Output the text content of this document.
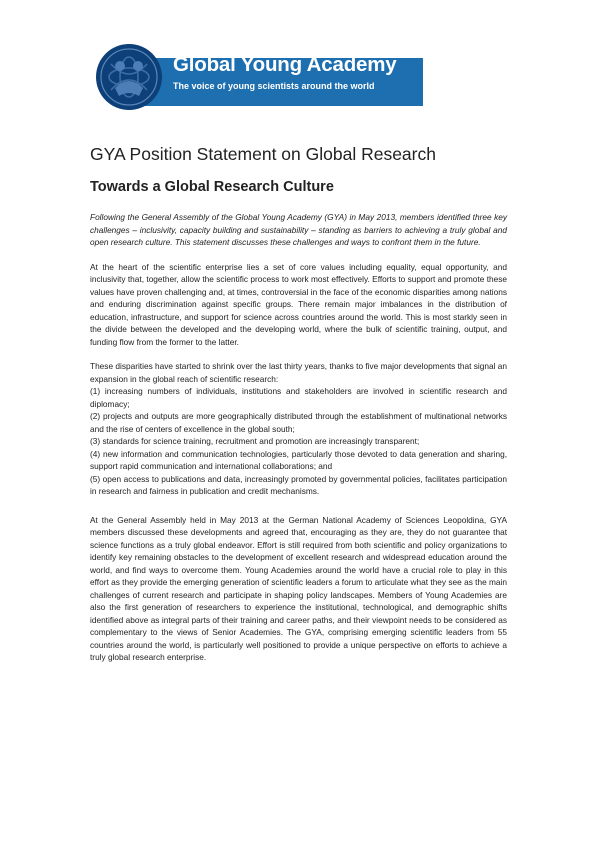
Global Young Academy
The voice of young scientists around the world
GYA Position Statement on Global Research
Towards a Global Research Culture

Following the General Assembly of the Global Young Academy (GYA) in May 2013, members identified three key challenges – inclusivity, capacity building and sustainability – standing as barriers to achieving a truly global and open research culture. This statement discusses these challenges and ways to confront them in the future.

At the heart of the scientific enterprise lies a set of core values including equality, equal opportunity, and inclusivity that, together, allow the scientific process to work most effectively. Efforts to support and promote these values have proven challenging and, at times, controversial in the face of the economic disparities among nations and enduring discrimination against specific groups. There remain major imbalances in the distribution of education, infrastructure, and support for science across countries around the world. This is most starkly seen in the divide between the developed and the developing world, where the bulk of scientific training, output, and funding flow from the former to the latter.

These disparities have started to shrink over the last thirty years, thanks to five major developments that signal an expansion in the global reach of scientific research:

(1) increasing numbers of individuals, institutions and stakeholders are involved in scientific research and diplomacy;
(2) projects and outputs are more geographically distributed through the establishment of multinational networks and the rise of centers of excellence in the global south;
(3) standards for science training, recruitment and promotion are increasingly transparent;
(4) new information and communication technologies, particularly those devoted to data generation and sharing, support rapid communication and international collaborations; and
(5) open access to publications and data, increasingly promoted by governmental policies, facilitates participation in research and fairness in publication and credit mechanisms.

At the General Assembly held in May 2013 at the German National Academy of Sciences Leopoldina, GYA members discussed these developments and agreed that, encouraging as they are, they do not guarantee that science functions as a truly global endeavor. Effort is still required from both scientific and policy organizations to identify key remaining obstacles to the development of excellent research and widespread education around the world, and find ways to overcome them. Young Academies around the world have a crucial role to play in this effort as they provide the emerging generation of scientific leaders a forum to articulate what they see as the main challenges of current research and participate in shaping policy landscapes. Members of Young Academies are also the first generation of researchers to experience the institutional, technological, and demographic shifts identified above as integral parts of their training and career paths, and their viewpoint needs to be considered as complementary to the views of Senior Academies. The GYA, comprising emerging scientific leaders from 55 countries around the world, is particularly well positioned to provide a unique perspective on efforts to achieve a truly global research enterprise.
